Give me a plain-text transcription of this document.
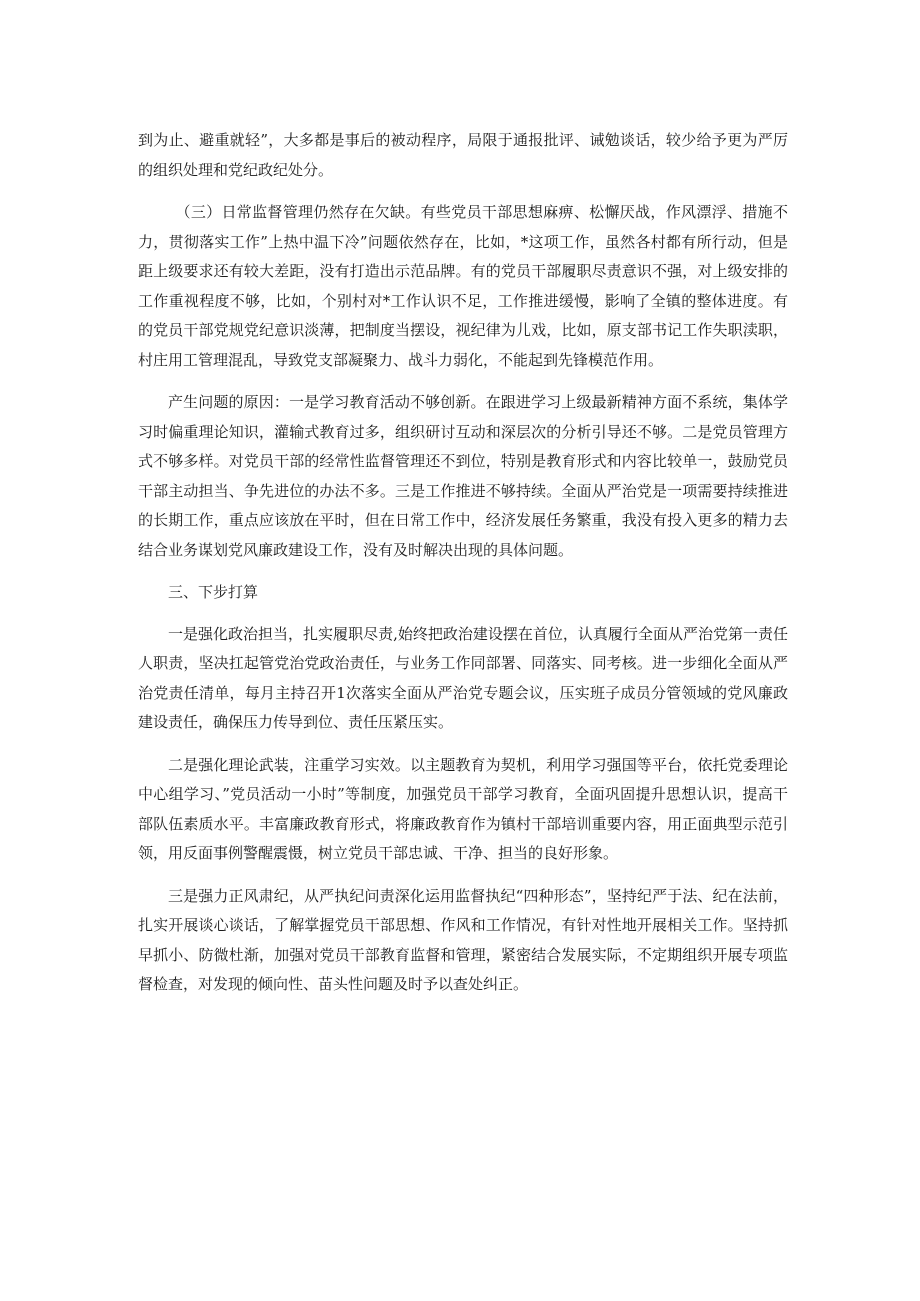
到为止、避重就轻”，大多都是事后的被动程序，局限于通报批评、诫勉谈话，较少给予更为严厉的组织处理和党纪政纪处分。

（三）日常监督管理仍然存在欠缺。有些党员干部思想麻痹、松懈厌战，作风漂浮、措施不力，贯彻落实工作”上热中温下冷”问题依然存在，比如，*这项工作，虽然各村都有所行动，但是距上级要求还有较大差距，没有打造出示范品牌。有的党员干部履职尽责意识不强，对上级安排的工作重视程度不够，比如，个别村对*工作认识不足，工作推进缓慢，影响了全镇的整体进度。有的党员干部党规党纪意识淡薄，把制度当摆设，视纪律为儿戏，比如，原支部书记工作失职渎职，村庄用工管理混乱，导致党支部凝聚力、战斗力弱化，不能起到先锋模范作用。

产生问题的原因：一是学习教育活动不够创新。在跟进学习上级最新精神方面不系统，集体学习时偏重理论知识，灌输式教育过多，组织研讨互动和深层次的分析引导还不够。二是党员管理方式不够多样。对党员干部的经常性监督管理还不到位，特别是教育形式和内容比较单一，鼓励党员干部主动担当、争先进位的办法不多。三是工作推进不够持续。全面从严治党是一项需要持续推进的长期工作，重点应该放在平时，但在日常工作中，经济发展任务繁重，我没有投入更多的精力去结合业务谋划党风廉政建设工作，没有及时解决出现的具体问题。

三、下步打算

一是强化政治担当，扎实履职尽责,始终把政治建设摆在首位，认真履行全面从严治党第一责任人职责，坚决扛起管党治党政治责任，与业务工作同部署、同落实、同考核。进一步细化全面从严治党责任清单，每月主持召开1次落实全面从严治党专题会议，压实班子成员分管领域的党风廉政建设责任，确保压力传导到位、责任压紧压实。

二是强化理论武装，注重学习实效。以主题教育为契机，利用学习强国等平台，依托党委理论中心组学习、”党员活动一小时”等制度，加强党员干部学习教育，全面巩固提升思想认识，提高干部队伍素质水平。丰富廉政教育形式，将廉政教育作为镇村干部培训重要内容，用正面典型示范引领，用反面事例警醒震慑，树立党员干部忠诚、干净、担当的良好形象。

三是强力正风肃纪，从严执纪问责深化运用监督执纪“四种形态”，坚持纪严于法、纪在法前，扎实开展谈心谈话，了解掌握党员干部思想、作风和工作情况，有针对性地开展相关工作。坚持抓早抓小、防微杜渐，加强对党员干部教育监督和管理，紧密结合发展实际，不定期组织开展专项监督检查，对发现的倾向性、苗头性问题及时予以查处纠正。
